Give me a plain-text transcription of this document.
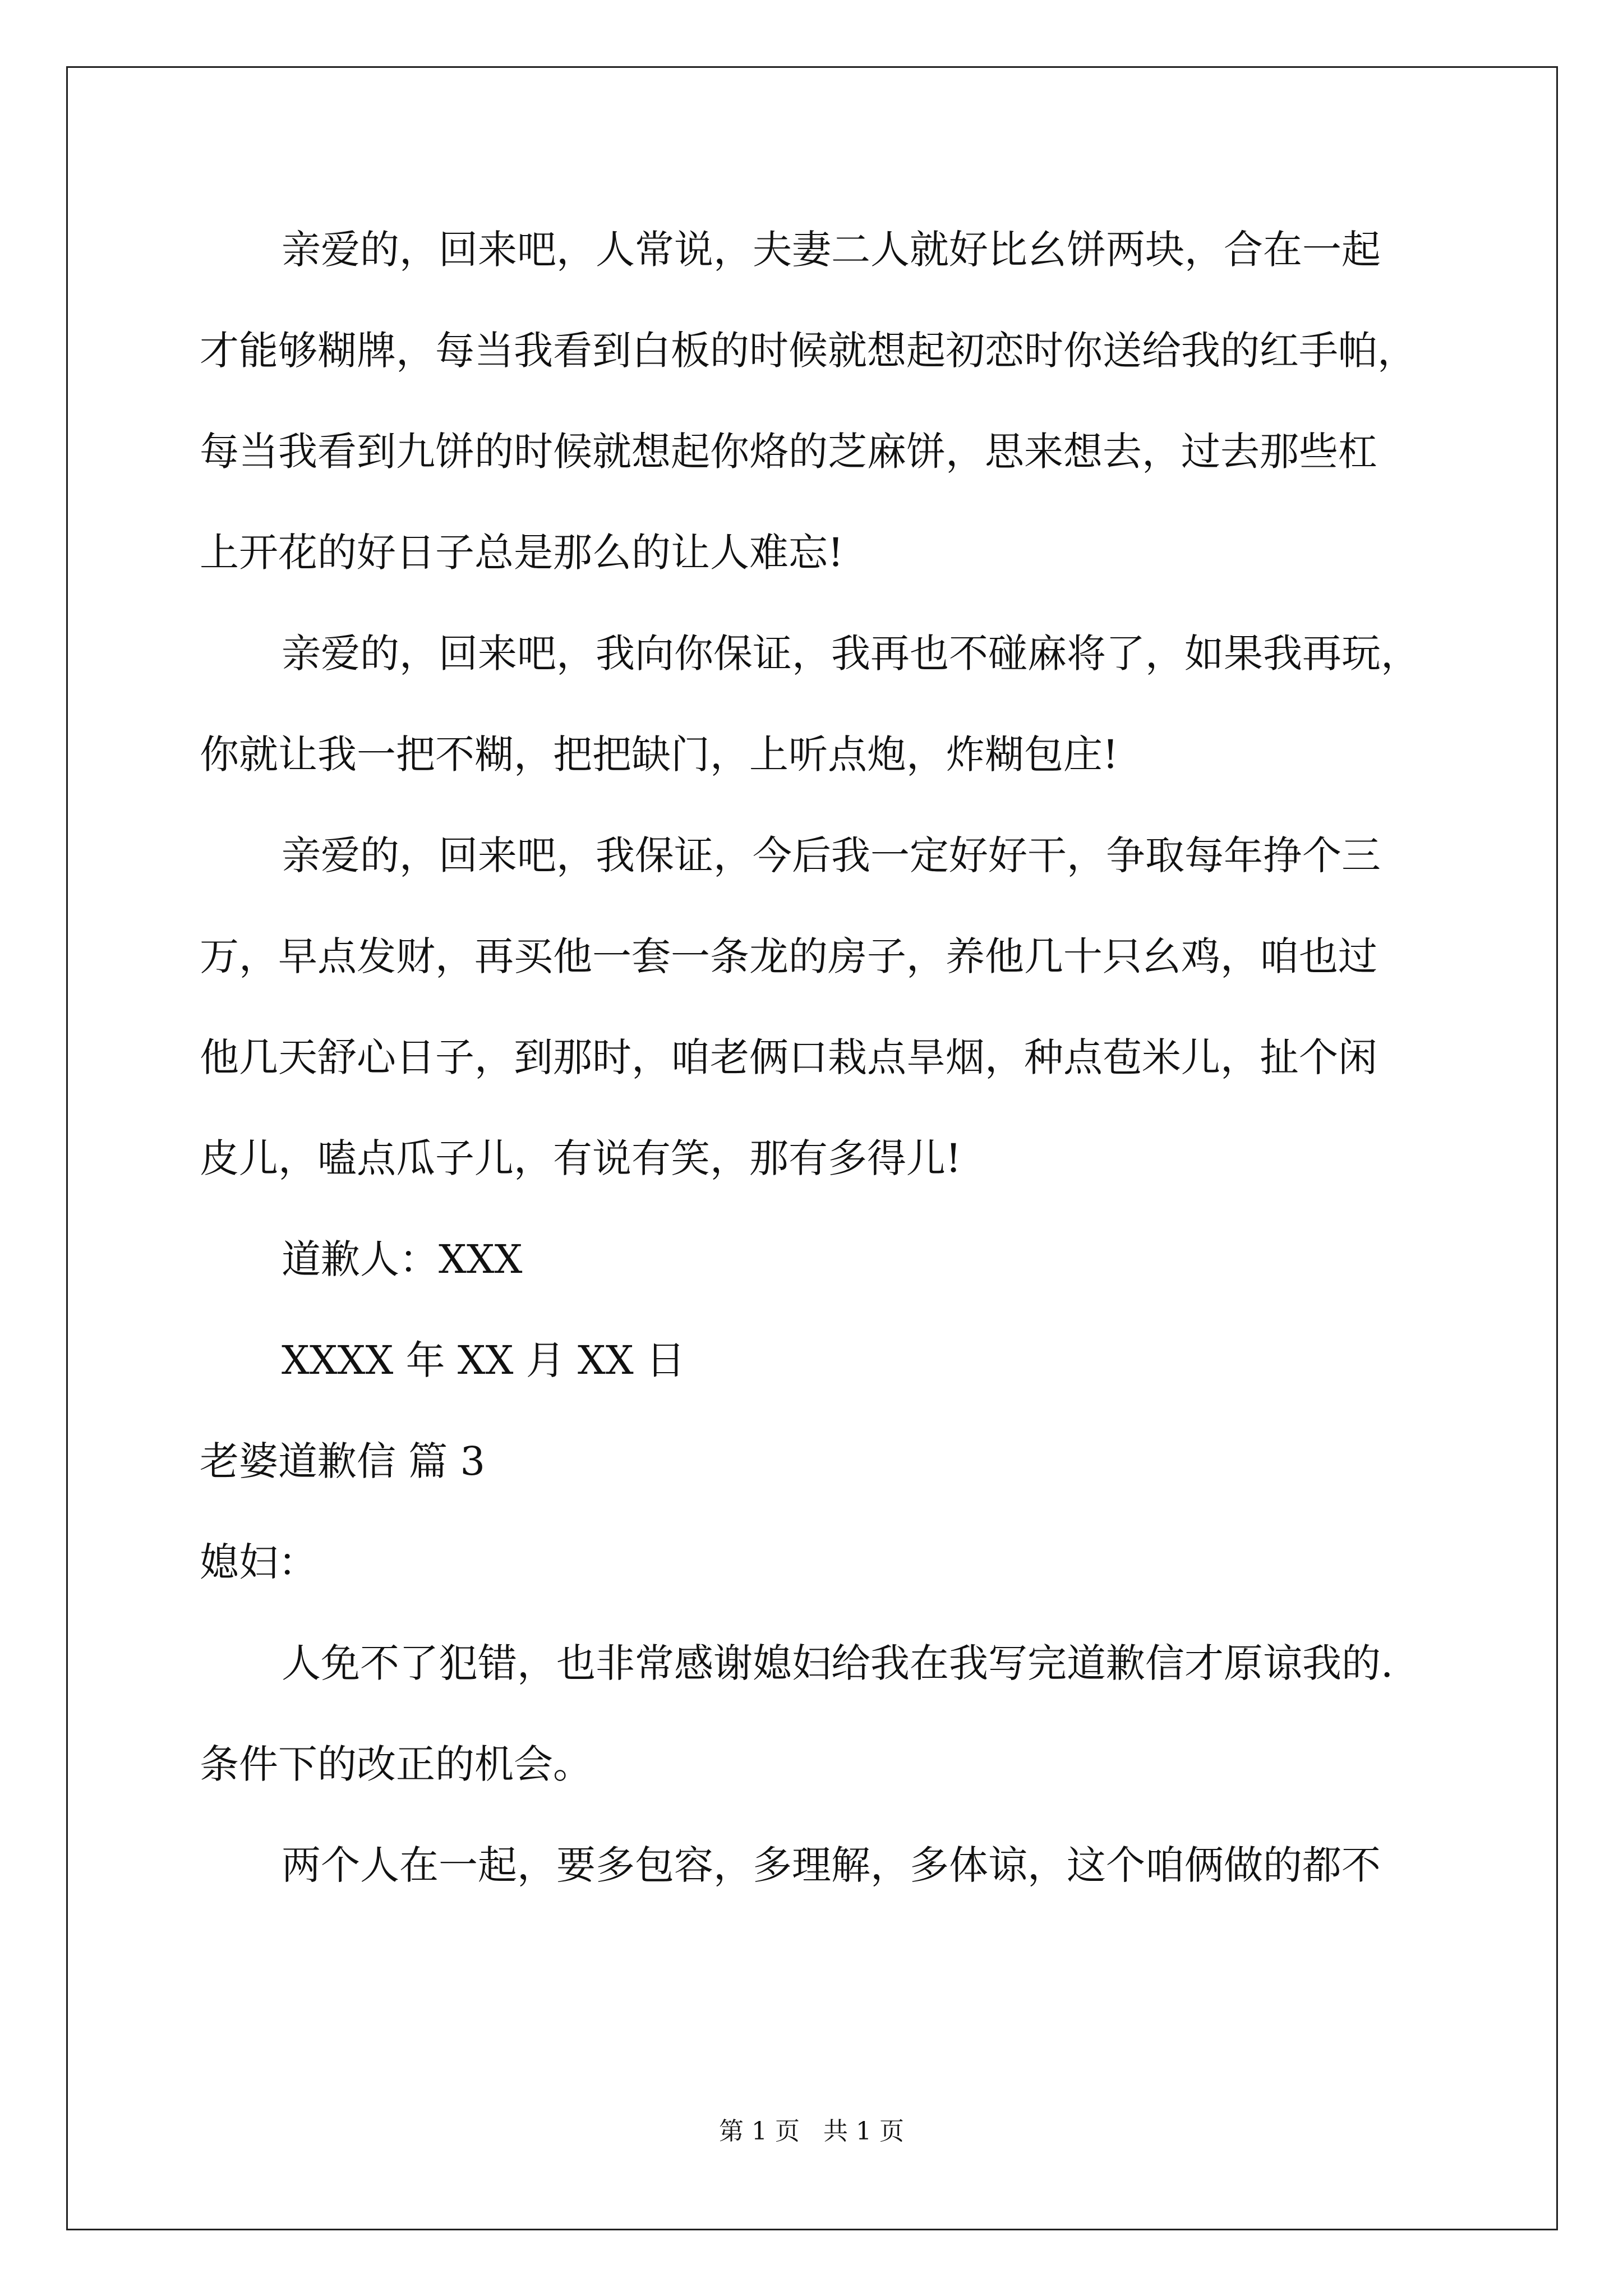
亲爱的，回来吧，人常说，夫妻二人就好比幺饼两块，合在一起
才能够糊牌，每当我看到白板的时候就想起初恋时你送给我的红手帕，
每当我看到九饼的时候就想起你烙的芝麻饼，思来想去，过去那些杠
上开花的好日子总是那么的让人难忘!
亲爱的，回来吧，我向你保证，我再也不碰麻将了，如果我再玩，
你就让我一把不糊，把把缺门，上听点炮，炸糊包庄!
亲爱的，回来吧，我保证，今后我一定好好干，争取每年挣个三
万，早点发财，再买他一套一条龙的房子，养他几十只幺鸡，咱也过
他几天舒心日子，到那时，咱老俩口栽点旱烟，种点苞米儿，扯个闲
皮儿，嗑点瓜子儿，有说有笑，那有多得儿!
道歉人：XXX
XXXX 年 XX 月 XX 日
老婆道歉信 篇 3
媳妇：
人免不了犯错，也非常感谢媳妇给我在我写完道歉信才原谅我的.
条件下的改正的机会。
两个人在一起，要多包容，多理解，多体谅，这个咱俩做的都不
第 1 页 共 1 页
